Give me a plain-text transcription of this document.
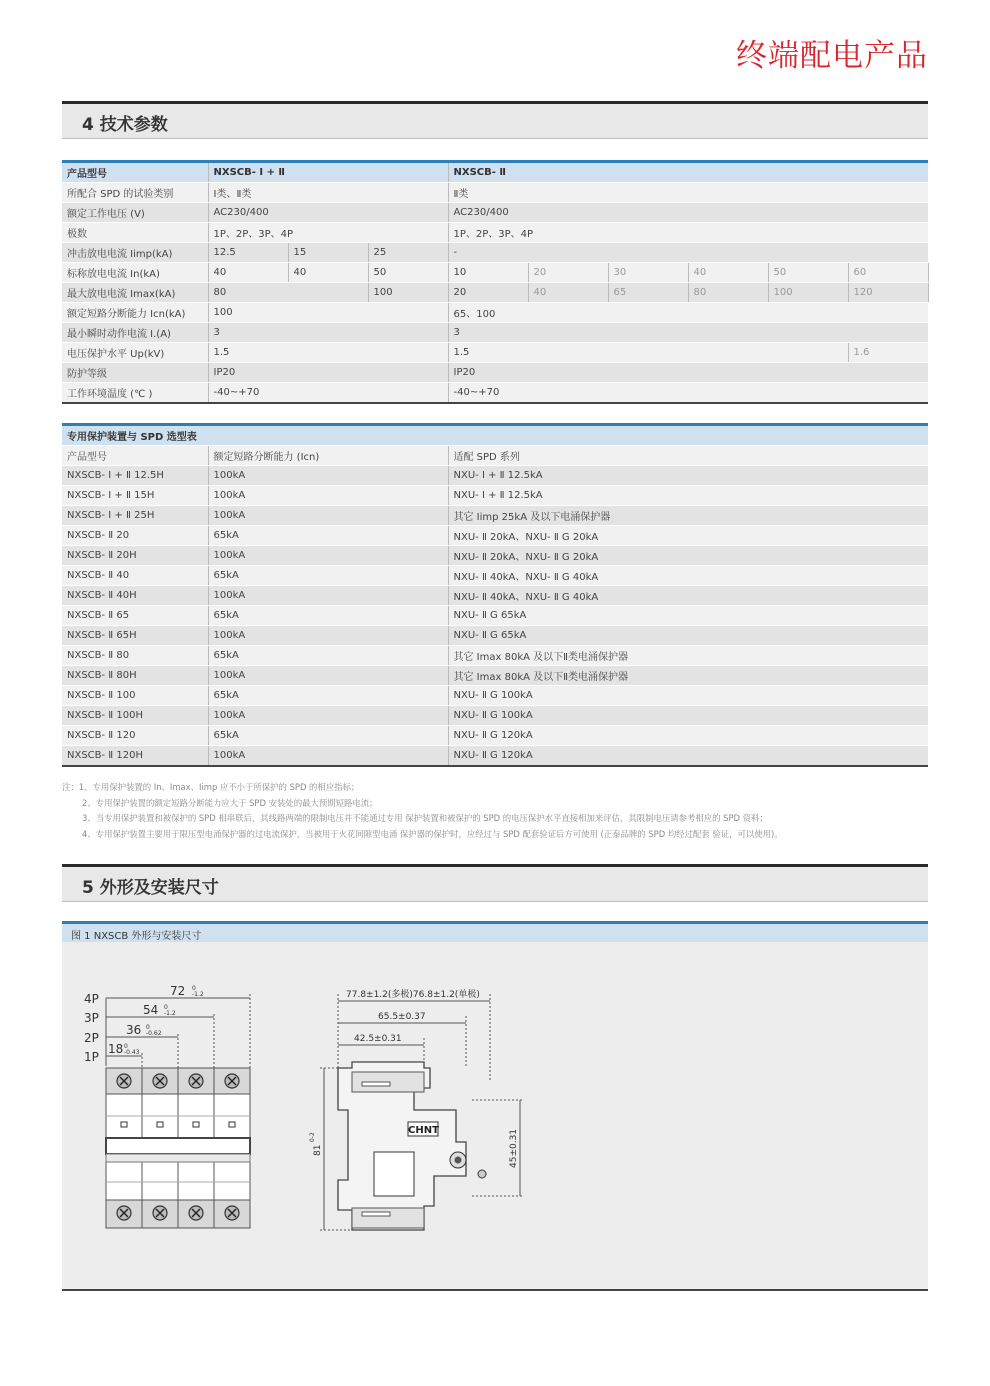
终端配电产品
4 技术参数
产品型号	NXSCB- Ⅰ + Ⅱ			NXSCB- Ⅱ					
所配合 SPD 的试验类别	Ⅰ类、Ⅱ类			Ⅱ类					
额定工作电压 (V)	AC230/400			AC230/400					
极数	1P、2P、3P、4P			1P、2P、3P、4P					
冲击放电电流 Iimp(kA)	12.5	15	25	-					
标称放电电流 In(kA)	40	40	50	10	20	30	40	50	60
最大放电电流 Imax(kA)	80		100	20	40	65	80	100	120
额定短路分断能力 Icn(kA)	100			65、100					
最小瞬时动作电流 I.(A)	3			3					
电压保护水平 Up(kV)	1.5			1.5					1.6
防护等级	IP20			IP20					
工作环境温度 (℃ )	-40~+70			-40~+70					
专用保护装置与 SPD 选型表		
产品型号	额定短路分断能力 (Icn)	适配 SPD 系列
NXSCB- Ⅰ + Ⅱ 12.5H	100kA	NXU- Ⅰ + Ⅱ 12.5kA
NXSCB- Ⅰ + Ⅱ 15H	100kA	NXU- Ⅰ + Ⅱ 12.5kA
NXSCB- Ⅰ + Ⅱ 25H	100kA	其它 Iimp 25kA 及以下电涌保护器
NXSCB- Ⅱ 20	65kA	NXU- Ⅱ 20kA、NXU- Ⅱ G 20kA
NXSCB- Ⅱ 20H	100kA	NXU- Ⅱ 20kA、NXU- Ⅱ G 20kA
NXSCB- Ⅱ 40	65kA	NXU- Ⅱ 40kA、NXU- Ⅱ G 40kA
NXSCB- Ⅱ 40H	100kA	NXU- Ⅱ 40kA、NXU- Ⅱ G 40kA
NXSCB- Ⅱ 65	65kA	NXU- Ⅱ G 65kA
NXSCB- Ⅱ 65H	100kA	NXU- Ⅱ G 65kA
NXSCB- Ⅱ 80	65kA	其它 Imax 80kA 及以下Ⅱ类电涌保护器
NXSCB- Ⅱ 80H	100kA	其它 Imax 80kA 及以下Ⅱ类电涌保护器
NXSCB- Ⅱ 100	65kA	NXU- Ⅱ G 100kA
NXSCB- Ⅱ 100H	100kA	NXU- Ⅱ G 100kA
NXSCB- Ⅱ 120	65kA	NXU- Ⅱ G 120kA
NXSCB- Ⅱ 120H	100kA	NXU- Ⅱ G 120kA
注：1、专用保护装置的 In、Imax、Iimp 应不小于所保护的 SPD 的相应指标；
2、专用保护装置的额定短路分断能力应大于 SPD 安装处的最大预期短路电流；
3、当专用保护装置和被保护的 SPD 相串联后，其线路两端的限制电压并不能通过专用 保护装置和被保护的 SPD 的电压保护水平直接相加来评估，其限制电压请参考相应的 SPD 资料；
4、专用保护装置主要用于限压型电涌保护器的过电流保护，当被用于火花间隙型电涌 保护器的保护时，应经过与 SPD 配套验证后方可使用 (正泰品牌的 SPD 均经过配套 验证，可以使用)。
5 外形及安装尺寸
图 1 NXSCB 外形与安装尺寸
4P
3P
2P
1P
72 0
-1.2
54 0
-1.2
36 0
-0.62
18 0
-0.43
CHNT
77.8±1.2(多极)76.8±1.2(单极)
65.5±0.37
42.5±0.31
81
0-2	45±0.31
